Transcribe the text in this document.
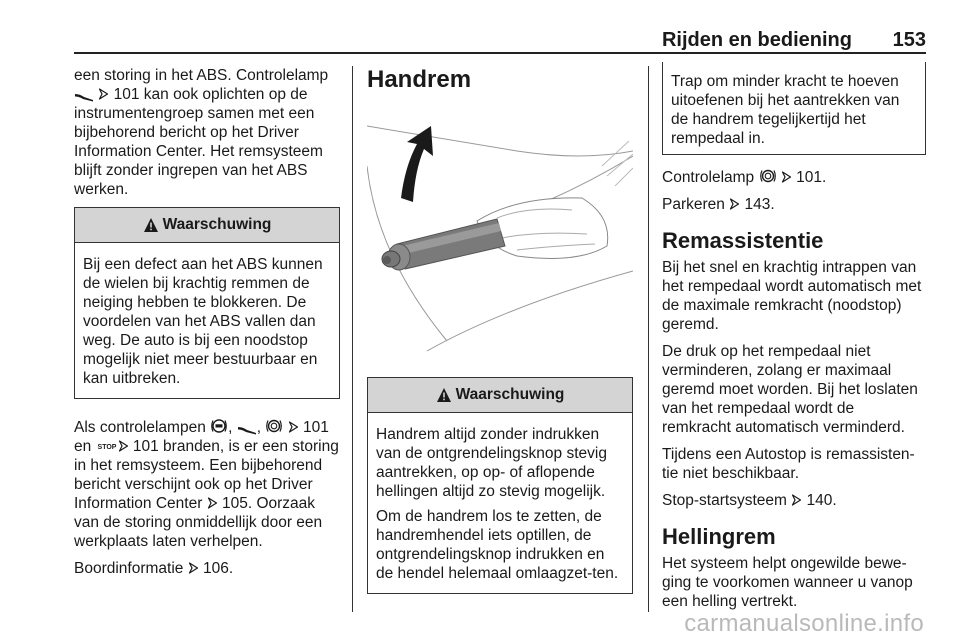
Rijden en bediening 153

een storing in het ABS. Controlelamp   101 kan ook oplichten op de instrumentengroep samen met een bijbehorend bericht op het Driver Information Center. Het remsysteem blijft zonder ingrepen van het ABS werken.

Waarschuwing

Bij een defect aan het ABS kunnen de wielen bij krachtig remmen de neiging hebben te blokkeren. De voordelen van het ABS vallen dan weg. De auto is bij een noodstop mogelijk niet meer bestuurbaar en kan uitbreken.

Als controlelampen , ,	101 en	101 branden, is er een storing in het remsysteem. Een bijbehorend bericht verschijnt ook op het Driver Information Center 105. Oorzaak van de storing onmiddellijk door een werkplaats laten verhelpen.

Boordinformatie 106.

Handrem
Waarschuwing

Handrem altijd zonder indrukken van de ontgrendelingsknop stevig aantrekken, op op- of aflopende hellingen altijd zo stevig mogelijk.

Om de handrem los te zetten, de handremhendel iets optillen, de ontgrendelingsknop indrukken en de hendel helemaal omlaagzet-ten.

Trap om minder kracht te hoeven uitoefenen bij het aantrekken van de handrem tegelijkertijd het rempedaal in.

Controlelamp	101.

Parkeren 143.

Remassistentie

Bij het snel en krachtig intrappen van het rempedaal wordt automatisch met de maximale remkracht (noodstop) geremd.

De druk op het rempedaal niet verminderen, zolang er maximaal geremd moet worden. Bij het loslaten van het rempedaal wordt de remkracht automatisch verminderd.

Tijdens een Autostop is remassisten-tie niet beschikbaar.

Stop-startsysteem 140.

Hellingrem

Het systeem helpt ongewilde bewe-ging te voorkomen wanneer u vanop een helling vertrekt.

carmanualsonline.info
